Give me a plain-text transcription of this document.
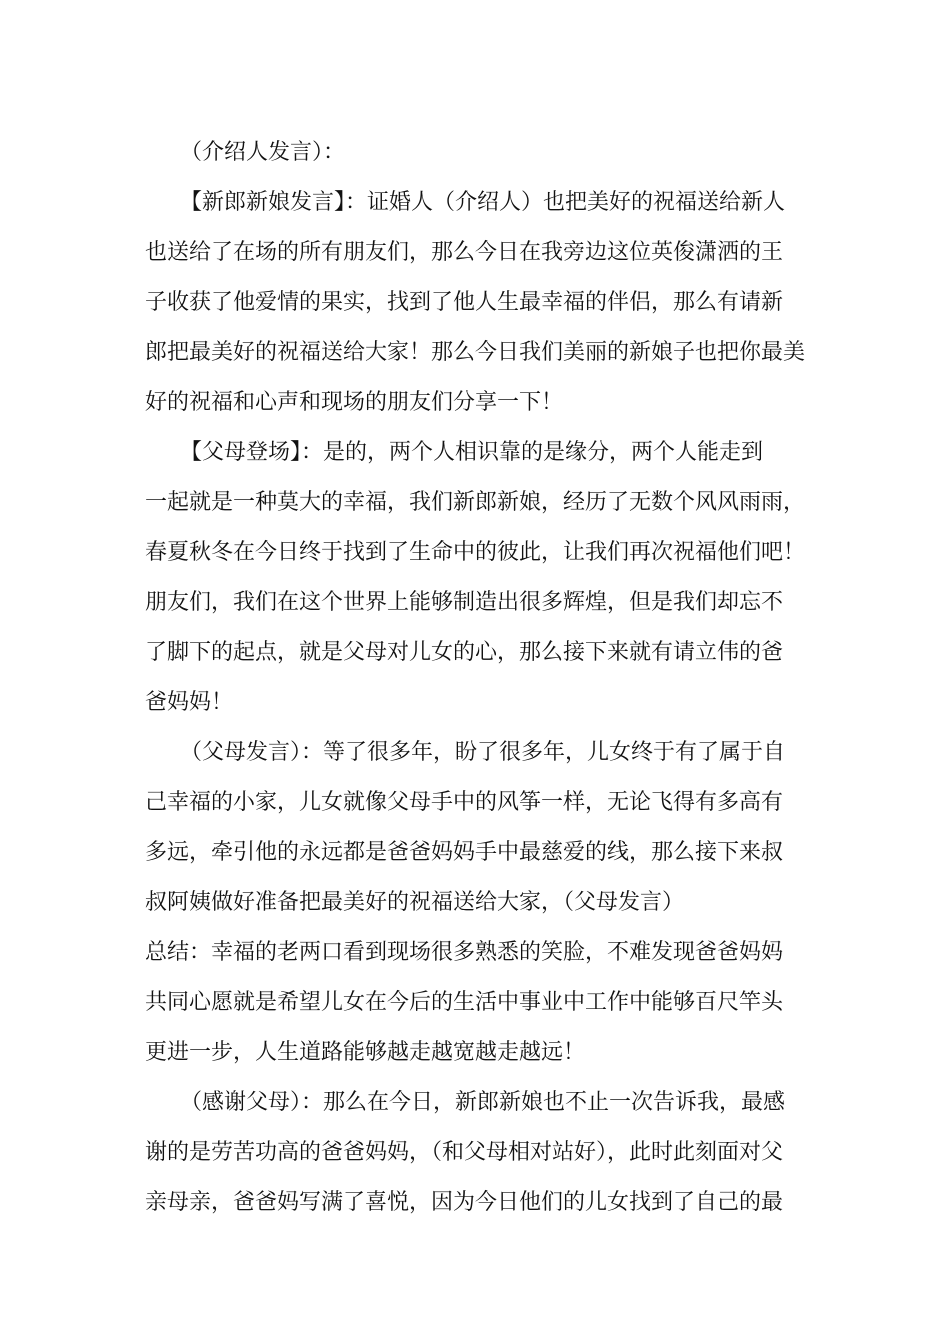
（介绍人发言）：
【新郎新娘发言】：证婚人（介绍人）也把美好的祝福送给新人
也送给了在场的所有朋友们，那么今日在我旁边这位英俊潇洒的王
子收获了他爱情的果实，找到了他人生最幸福的伴侣，那么有请新
郎把最美好的祝福送给大家！那么今日我们美丽的新娘子也把你最美
好的祝福和心声和现场的朋友们分享一下！
【父母登场】：是的，两个人相识靠的是缘分，两个人能走到
一起就是一种莫大的幸福，我们新郎新娘，经历了无数个风风雨雨，
春夏秋冬在今日终于找到了生命中的彼此，让我们再次祝福他们吧！
朋友们，我们在这个世界上能够制造出很多辉煌，但是我们却忘不
了脚下的起点，就是父母对儿女的心，那么接下来就有请立伟的爸
爸妈妈！
（父母发言）：等了很多年，盼了很多年，儿女终于有了属于自
己幸福的小家，儿女就像父母手中的风筝一样，无论飞得有多高有
多远，牵引他的永远都是爸爸妈妈手中最慈爱的线，那么接下来叔
叔阿姨做好准备把最美好的祝福送给大家，（父母发言）
总结：幸福的老两口看到现场很多熟悉的笑脸，不难发现爸爸妈妈
共同心愿就是希望儿女在今后的生活中事业中工作中能够百尺竿头
更进一步，人生道路能够越走越宽越走越远！
（感谢父母）：那么在今日，新郎新娘也不止一次告诉我，最感
谢的是劳苦功高的爸爸妈妈，（和父母相对站好），此时此刻面对父
亲母亲，爸爸妈写满了喜悦，因为今日他们的儿女找到了自己的最
